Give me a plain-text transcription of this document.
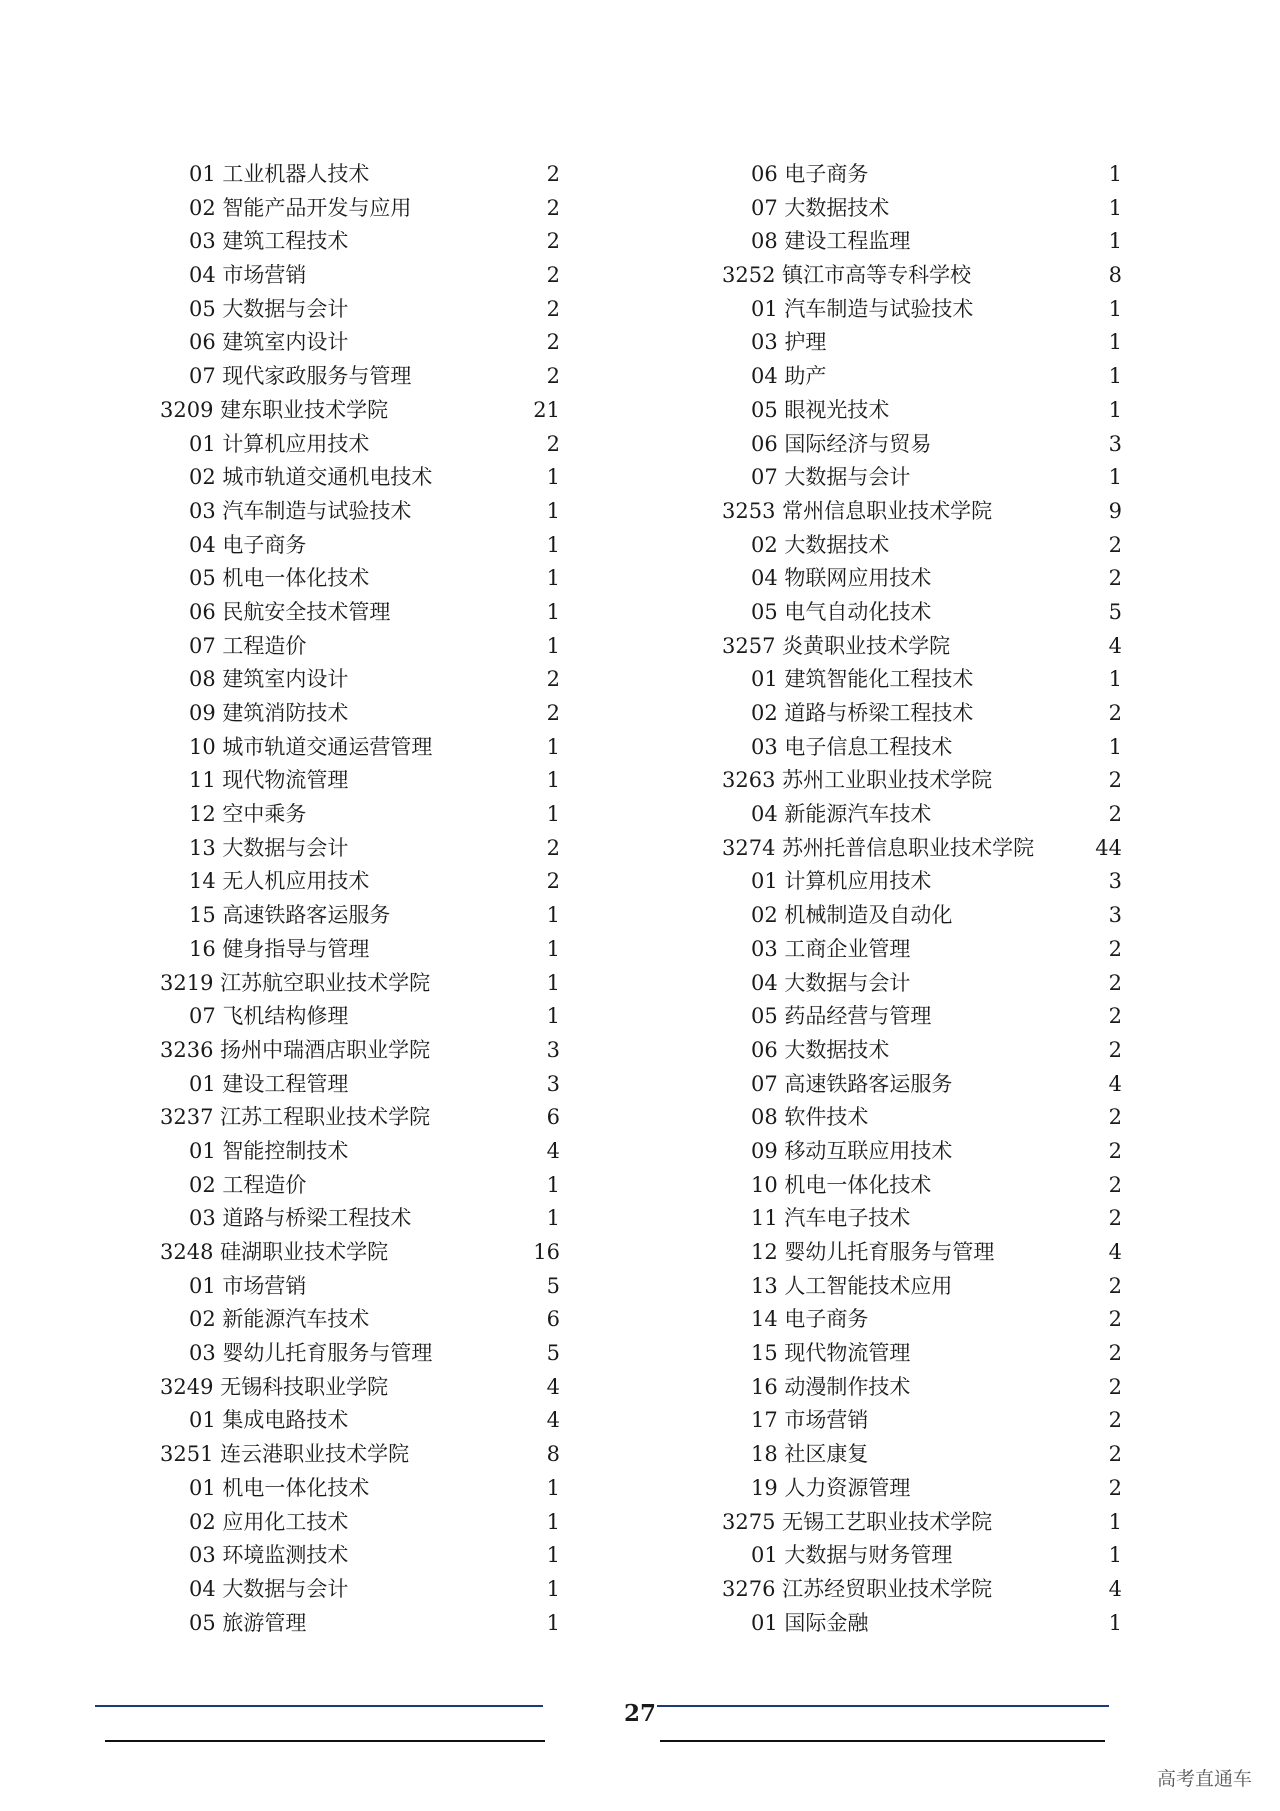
01 工业机器人技术	2
02 智能产品开发与应用	2
03 建筑工程技术	2
04 市场营销	2
05 大数据与会计	2
06 建筑室内设计	2
07 现代家政服务与管理	2
3209 建东职业技术学院	21
01 计算机应用技术	2
02 城市轨道交通机电技术	1
03 汽车制造与试验技术	1
04 电子商务	1
05 机电一体化技术	1
06 民航安全技术管理	1
07 工程造价	1
08 建筑室内设计	2
09 建筑消防技术	2
10 城市轨道交通运营管理	1
11 现代物流管理	1
12 空中乘务	1
13 大数据与会计	2
14 无人机应用技术	2
15 高速铁路客运服务	1
16 健身指导与管理	1
3219 江苏航空职业技术学院	1
07 飞机结构修理	1
3236 扬州中瑞酒店职业学院	3
01 建设工程管理	3
3237 江苏工程职业技术学院	6
01 智能控制技术	4
02 工程造价	1
03 道路与桥梁工程技术	1
3248 硅湖职业技术学院	16
01 市场营销	5
02 新能源汽车技术	6
03 婴幼儿托育服务与管理	5
3249 无锡科技职业学院	4
01 集成电路技术	4
3251 连云港职业技术学院	8
01 机电一体化技术	1
02 应用化工技术	1
03 环境监测技术	1
04 大数据与会计	1
05 旅游管理	1
06 电子商务	1
07 大数据技术	1
08 建设工程监理	1
3252 镇江市高等专科学校	8
01 汽车制造与试验技术	1
03 护理	1
04 助产	1
05 眼视光技术	1
06 国际经济与贸易	3
07 大数据与会计	1
3253 常州信息职业技术学院	9
02 大数据技术	2
04 物联网应用技术	2
05 电气自动化技术	5
3257 炎黄职业技术学院	4
01 建筑智能化工程技术	1
02 道路与桥梁工程技术	2
03 电子信息工程技术	1
3263 苏州工业职业技术学院	2
04 新能源汽车技术	2
3274 苏州托普信息职业技术学院	44
01 计算机应用技术	3
02 机械制造及自动化	3
03 工商企业管理	2
04 大数据与会计	2
05 药品经营与管理	2
06 大数据技术	2
07 高速铁路客运服务	4
08 软件技术	2
09 移动互联应用技术	2
10 机电一体化技术	2
11 汽车电子技术	2
12 婴幼儿托育服务与管理	4
13 人工智能技术应用	2
14 电子商务	2
15 现代物流管理	2
16 动漫制作技术	2
17 市场营销	2
18 社区康复	2
19 人力资源管理	2
3275 无锡工艺职业技术学院	1
01 大数据与财务管理	1
3276 江苏经贸职业技术学院	4
01 国际金融	1
27
高考直通车
